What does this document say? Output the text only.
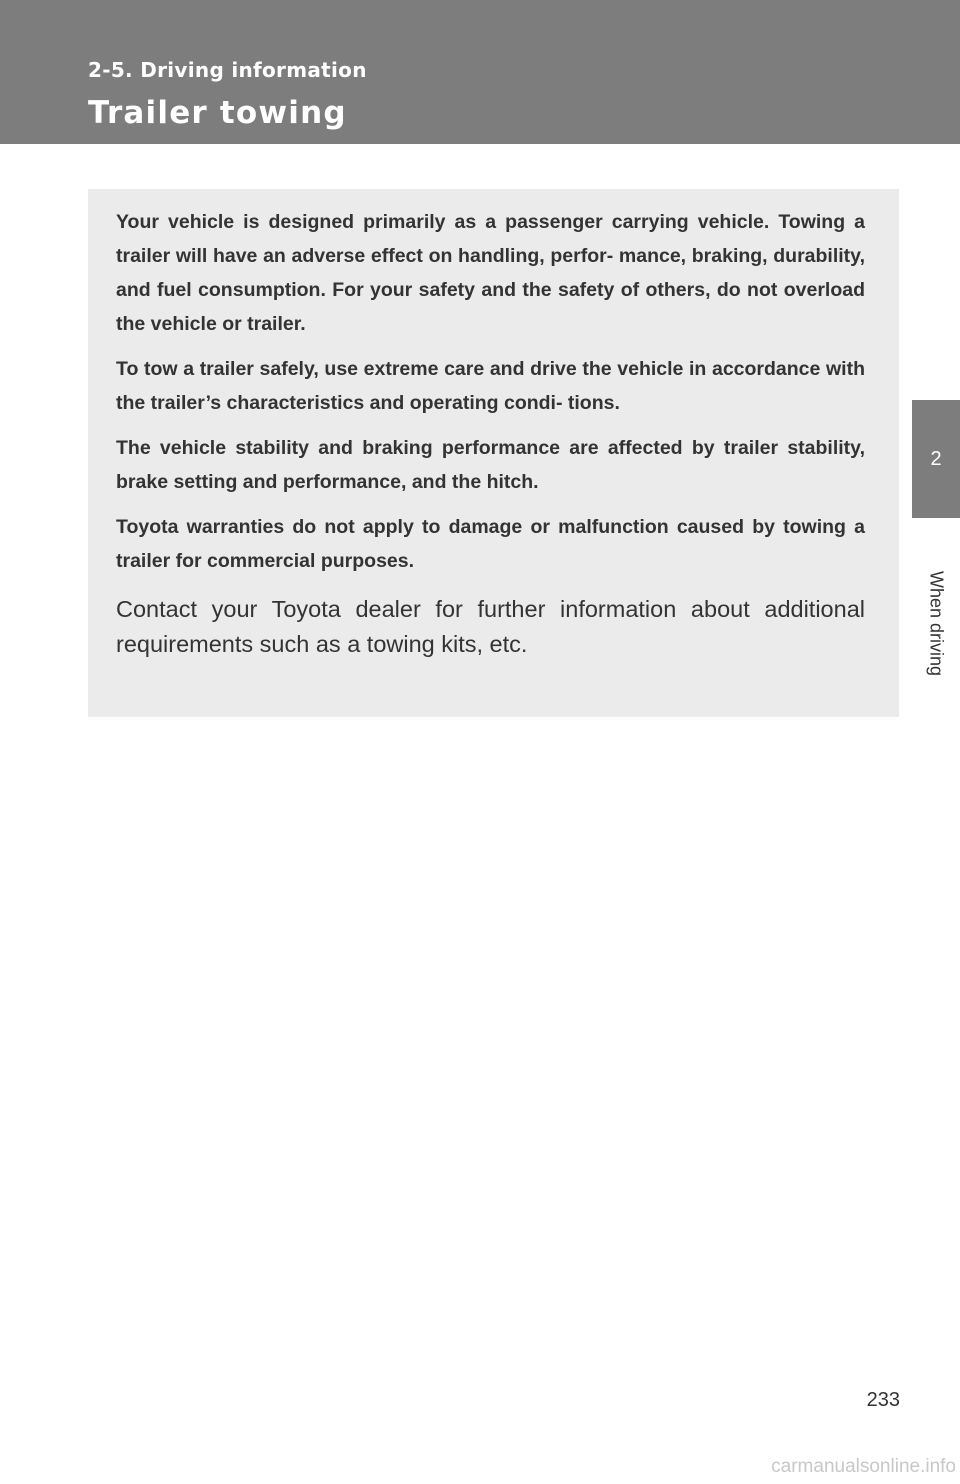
2-5. Driving information
Trailer towing
2
When driving

Your vehicle is designed primarily as a passenger carrying vehicle. Towing a trailer will have an adverse effect on handling, perfor- mance, braking, durability, and fuel consumption. For your safety and the safety of others, do not overload the vehicle or trailer.

To tow a trailer safely, use extreme care and drive the vehicle in accordance with the trailer’s characteristics and operating condi- tions.

The vehicle stability and braking performance are affected by trailer stability, brake setting and performance, and the hitch.

Toyota warranties do not apply to damage or malfunction caused by towing a trailer for commercial purposes.

Contact your Toyota dealer for further information about additional requirements such as a towing kits, etc.

233
carmanualsonline.info
